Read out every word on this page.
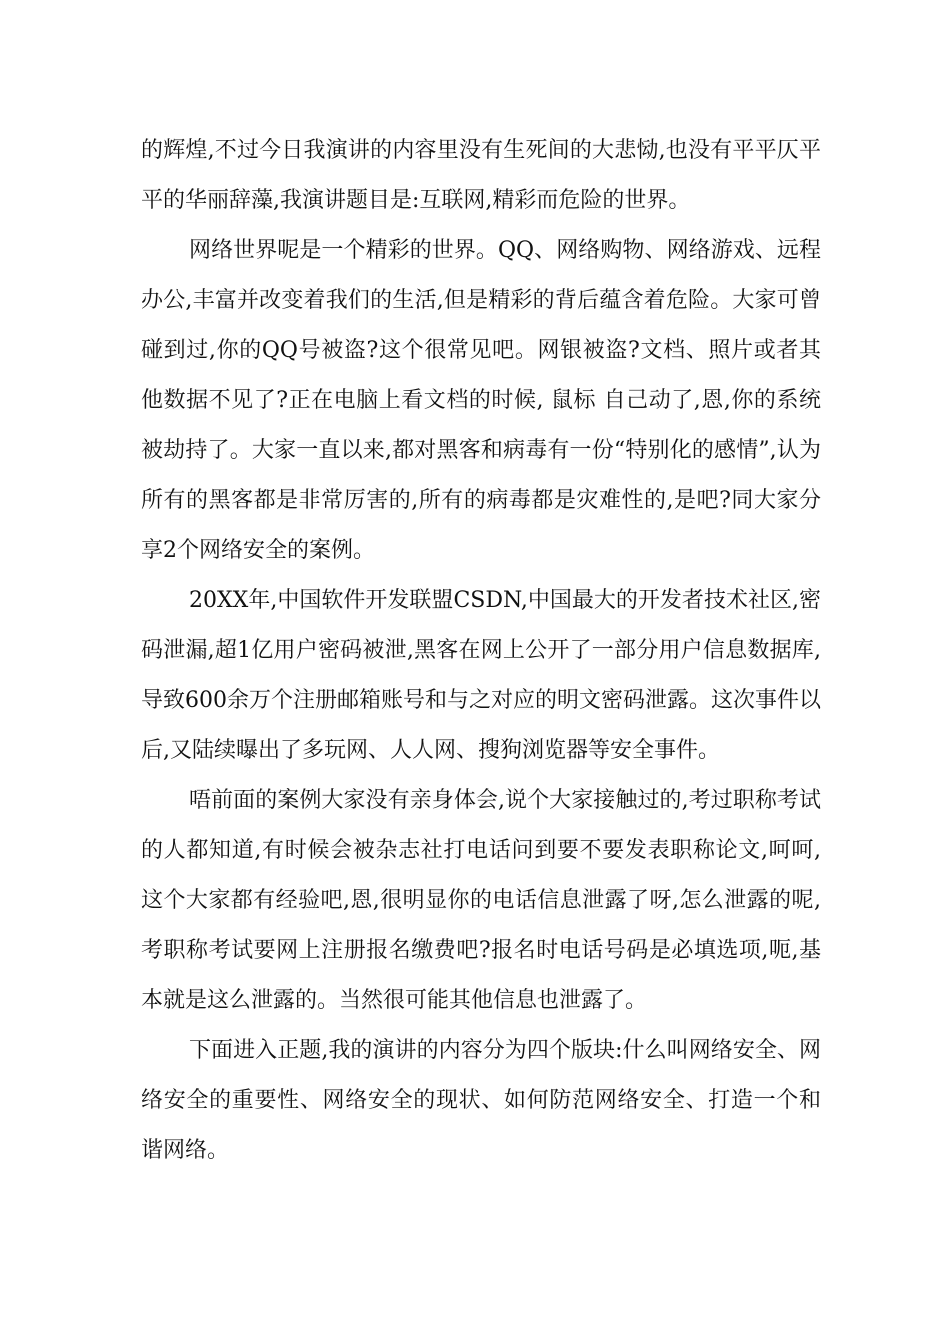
的辉煌,不过今日我演讲的内容里没有生死间的大悲恸,也没有平平仄平平的华丽辞藻,我演讲题目是:互联网,精彩而危险的世界。

网络世界呢是一个精彩的世界。QQ、网络购物、网络游戏、远程办公,丰富并改变着我们的生活,但是精彩的背后蕴含着危险。大家可曾碰到过,你的QQ号被盗?这个很常见吧。网银被盗?文档、照片或者其他数据不见了?正在电脑上看文档的时候, 鼠标 自己动了,恩,你的系统被劫持了。大家一直以来,都对黑客和病毒有一份“特别化的感情”,认为所有的黑客都是非常厉害的,所有的病毒都是灾难性的,是吧?同大家分享2个网络安全的案例。

20XX年,中国软件开发联盟CSDN,中国最大的开发者技术社区,密码泄漏,超1亿用户密码被泄,黑客在网上公开了一部分用户信息数据库,导致600余万个注册邮箱账号和与之对应的明文密码泄露。这次事件以后,又陆续曝出了多玩网、人人网、搜狗浏览器等安全事件。

唔前面的案例大家没有亲身体会,说个大家接触过的,考过职称考试的人都知道,有时候会被杂志社打电话问到要不要发表职称论文,呵呵,这个大家都有经验吧,恩,很明显你的电话信息泄露了呀,怎么泄露的呢,考职称考试要网上注册报名缴费吧?报名时电话号码是必填选项,呃,基本就是这么泄露的。当然很可能其他信息也泄露了。

下面进入正题,我的演讲的内容分为四个版块:什么叫网络安全、网络安全的重要性、网络安全的现状、如何防范网络安全、打造一个和谐网络。
